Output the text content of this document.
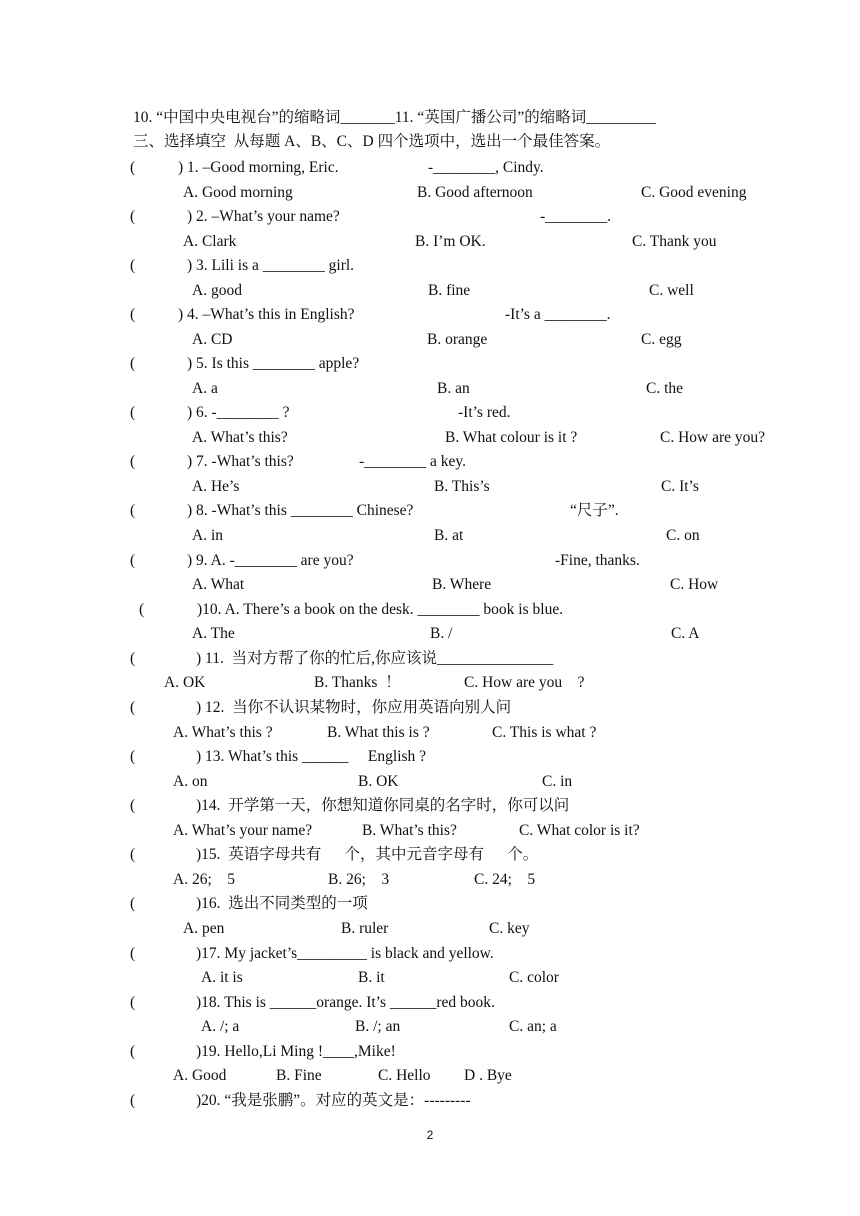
10. “中国中央电视台”的缩略词_______11. “英国广播公司”的缩略词_________
三、选择填空  从每题 A、B、C、D 四个选项中，选出一个最佳答案。
(	) 1. –Good morning, Eric.	-________, Cindy.
A. Good morning	B. Good afternoon	C. Good evening
(	) 2. –What’s your name?	-________.
A. Clark	B. I’m OK.	C. Thank you
(	) 3. Lili is a ________ girl.
A. good	B. fine	C. well
(	) 4. –What’s this in English?	-It’s a ________.
A. CD	B. orange	C. egg
(	) 5. Is this ________ apple?
A. a	B. an	C. the
(	) 6. -________ ?	-It’s red.
A. What’s this?	B. What colour is it ?	C. How are you?
(	) 7. -What’s this?	-________ a key.
A. He’s	B. This’s	C. It’s
(	) 8. -What’s this ________ Chinese?	“尺子”.
A. in	B. at	C. on
(	) 9. A. -________ are you?	-Fine, thanks.
A. What	B. Where	C. How
(	)10. A. There’s a book on the desk. ________ book is blue.
A. The	B. /	C. A
(	) 11.  当对方帮了你的忙后,你应该说_______________
A. OK	B. Thanks  ！	C. How are you    ?
(	) 12.  当你不认识某物时，你应用英语向别人问
A. What’s this ?	B. What this is ?	C. This is what ?
(	) 13. What’s this ______     English ?
A. on	B. OK	C. in
(	)14.  开学第一天，你想知道你同桌的名字时，你可以问
A. What’s your name?	B. What’s this?	C. What color is it?
(	)15.  英语字母共有      个，其中元音字母有      个。
A. 26;    5	B. 26;    3	C. 24;    5
(	)16.  选出不同类型的一项
A. pen	B. ruler	C. key
(	)17. My jacket’s_________ is black and yellow.
A. it is	B. it	C. color
(	)18. This is ______orange. It’s ______red book.
A. /; a	B. /; an	C. an; a
(	)19. Hello,Li Ming !____,Mike!
A. Good	B. Fine	C. Hello D . Bye
(	)20. “我是张鹏”。对应的英文是：---------
2
